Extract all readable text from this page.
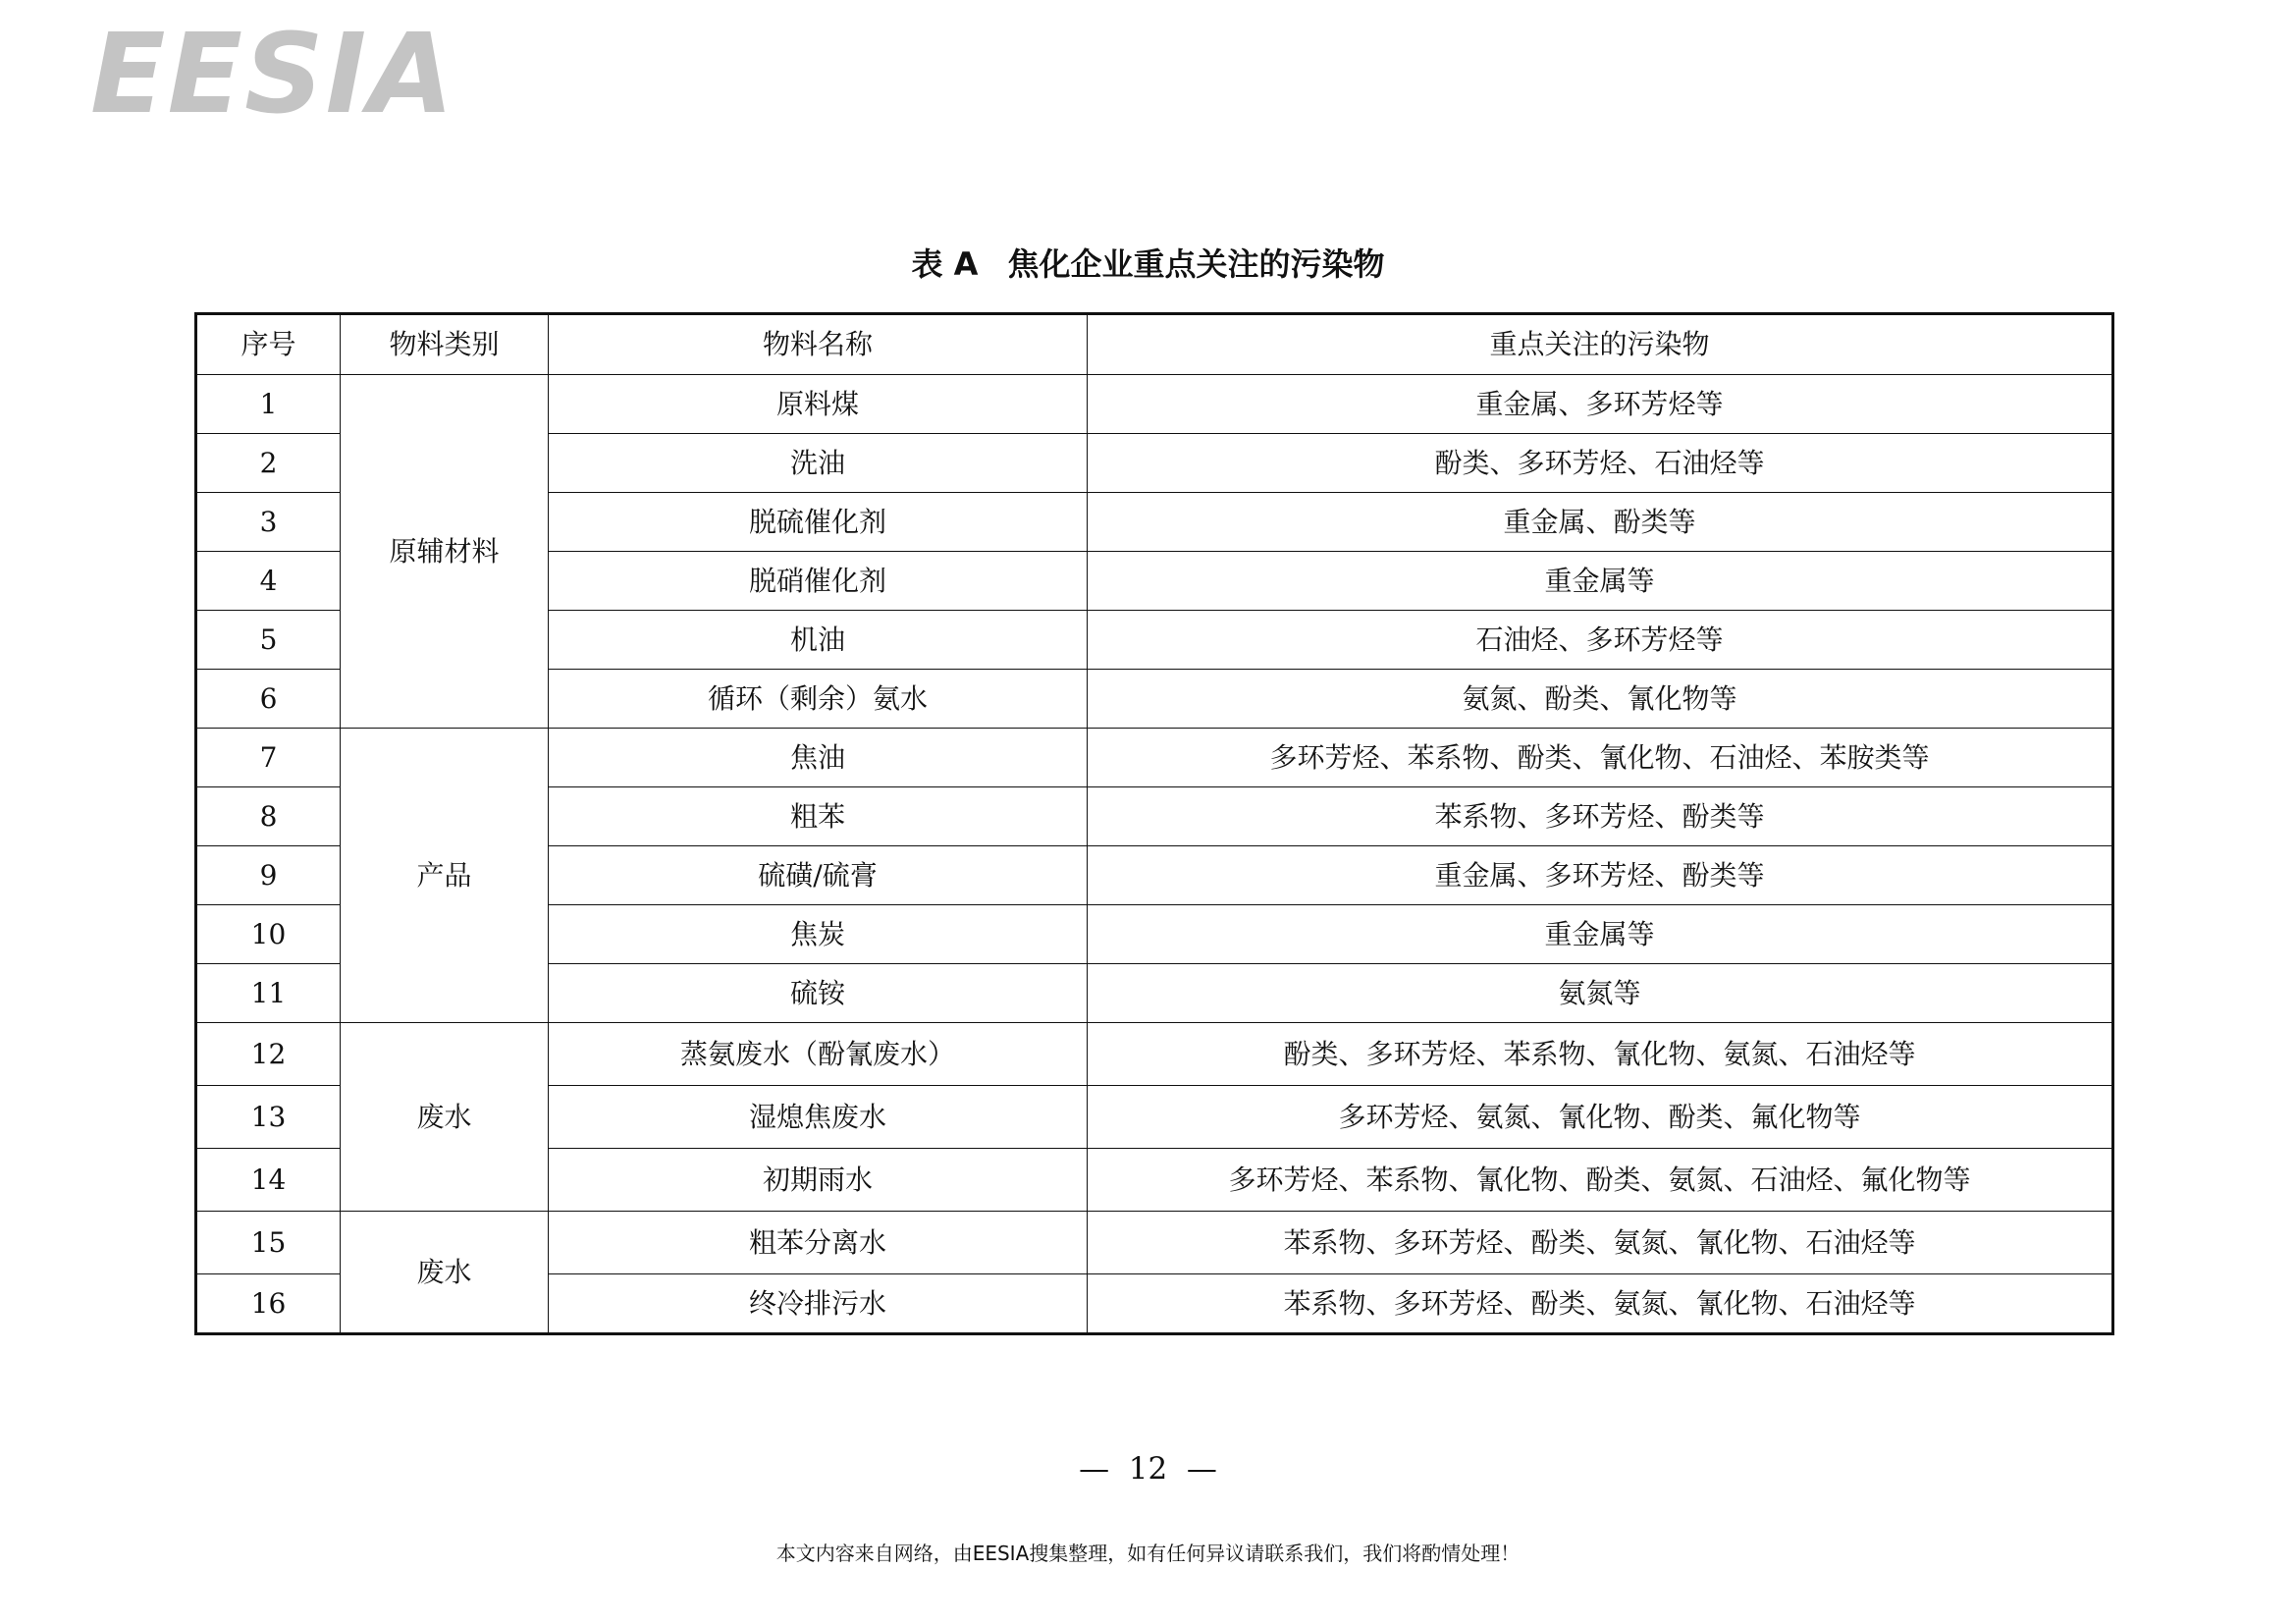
EESIA
表 A 焦化企业重点关注的污染物
序号	物料类别	物料名称	重点关注的污染物
1	原辅材料	原料煤	重金属、多环芳烃等
2		洗油	酚类、多环芳烃、石油烃等
3		脱硫催化剂	重金属、酚类等
4		脱硝催化剂	重金属等
5		机油	石油烃、多环芳烃等
6		循环（剩余）氨水	氨氮、酚类、氰化物等
7	产品	焦油	多环芳烃、苯系物、酚类、氰化物、石油烃、苯胺类等
8		粗苯	苯系物、多环芳烃、酚类等
9		硫磺/硫膏	重金属、多环芳烃、酚类等
10		焦炭	重金属等
11		硫铵	氨氮等
12	废水	蒸氨废水（酚氰废水）	酚类、多环芳烃、苯系物、氰化物、氨氮、石油烃等
13		湿熄焦废水	多环芳烃、氨氮、氰化物、酚类、氟化物等
14		初期雨水	多环芳烃、苯系物、氰化物、酚类、氨氮、石油烃、氟化物等
15	废水	粗苯分离水	苯系物、多环芳烃、酚类、氨氮、氰化物、石油烃等
16		终冷排污水	苯系物、多环芳烃、酚类、氨氮、氰化物、石油烃等
—  12  —
本文内容来自网络，由EESIA搜集整理，如有任何异议请联系我们，我们将酌情处理！
